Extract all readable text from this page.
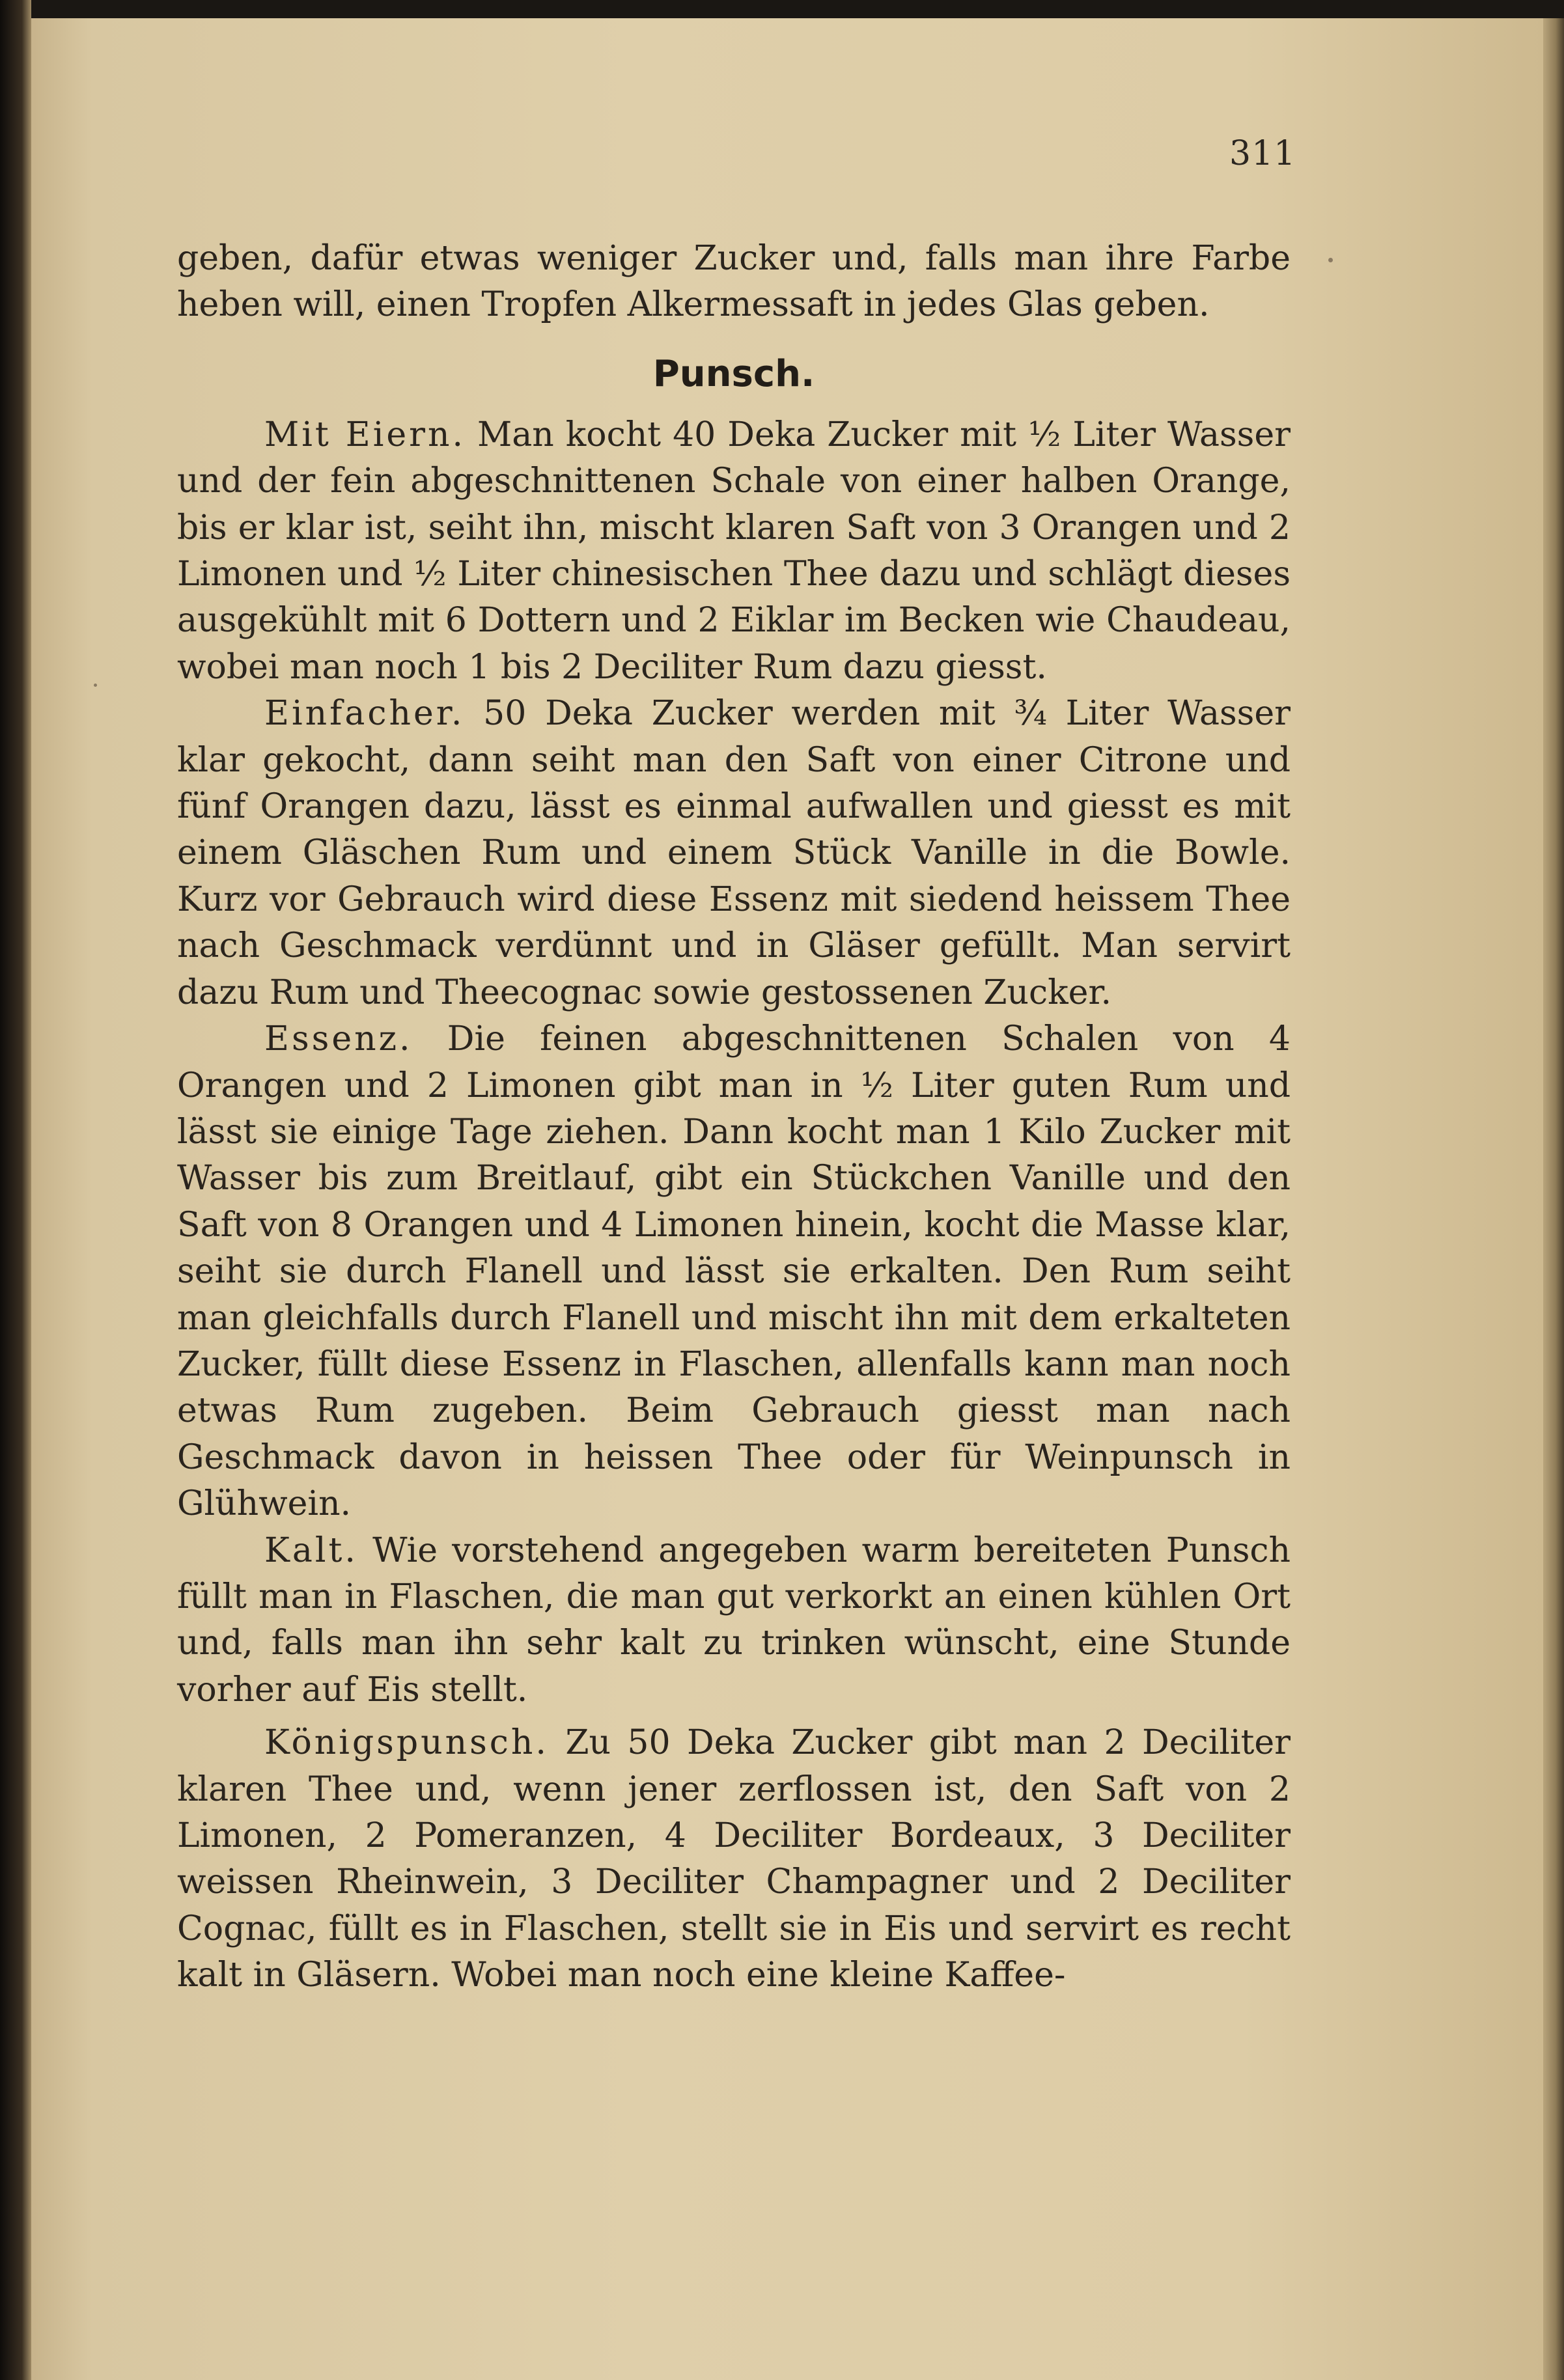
311

geben, dafür etwas weniger Zucker und, falls man ihre Farbe heben will, einen Tropfen Alkermessaft in jedes Glas geben.

Punsch.

Mit Eiern. Man kocht 40 Deka Zucker mit ½ Liter Wasser und der fein abgeschnittenen Schale von einer halben Orange, bis er klar ist, seiht ihn, mischt klaren Saft von 3 Orangen und 2 Limonen und ½ Liter chinesischen Thee dazu und schlägt dieses ausgekühlt mit 6 Dottern und 2 Eiklar im Becken wie Chaudeau, wobei man noch 1 bis 2 Deciliter Rum dazu giesst.

Einfacher. 50 Deka Zucker werden mit ¾ Liter Wasser klar gekocht, dann seiht man den Saft von einer Citrone und fünf Orangen dazu, lässt es einmal aufwallen und giesst es mit einem Gläschen Rum und einem Stück Vanille in die Bowle. Kurz vor Gebrauch wird diese Essenz mit siedend heissem Thee nach Geschmack verdünnt und in Gläser gefüllt. Man servirt dazu Rum und Theecognac sowie gestossenen Zucker.

Essenz. Die feinen abgeschnittenen Schalen von 4 Orangen und 2 Limonen gibt man in ½ Liter guten Rum und lässt sie einige Tage ziehen. Dann kocht man 1 Kilo Zucker mit Wasser bis zum Breitlauf, gibt ein Stückchen Vanille und den Saft von 8 Orangen und 4 Limonen hinein, kocht die Masse klar, seiht sie durch Flanell und lässt sie erkalten. Den Rum seiht man gleichfalls durch Flanell und mischt ihn mit dem erkalteten Zucker, füllt diese Essenz in Flaschen, allenfalls kann man noch etwas Rum zugeben. Beim Gebrauch giesst man nach Geschmack davon in heissen Thee oder für Weinpunsch in Glühwein.

Kalt. Wie vorstehend angegeben warm bereiteten Punsch füllt man in Flaschen, die man gut verkorkt an einen kühlen Ort und, falls man ihn sehr kalt zu trinken wünscht, eine Stunde vorher auf Eis stellt.

Königspunsch. Zu 50 Deka Zucker gibt man 2 Deciliter klaren Thee und, wenn jener zerflossen ist, den Saft von 2 Limonen, 2 Pomeranzen, 4 Deciliter Bordeaux, 3 Deciliter weissen Rheinwein, 3 Deciliter Champagner und 2 Deciliter Cognac, füllt es in Flaschen, stellt sie in Eis und servirt es recht kalt in Gläsern. Wobei man noch eine kleine Kaffee-
